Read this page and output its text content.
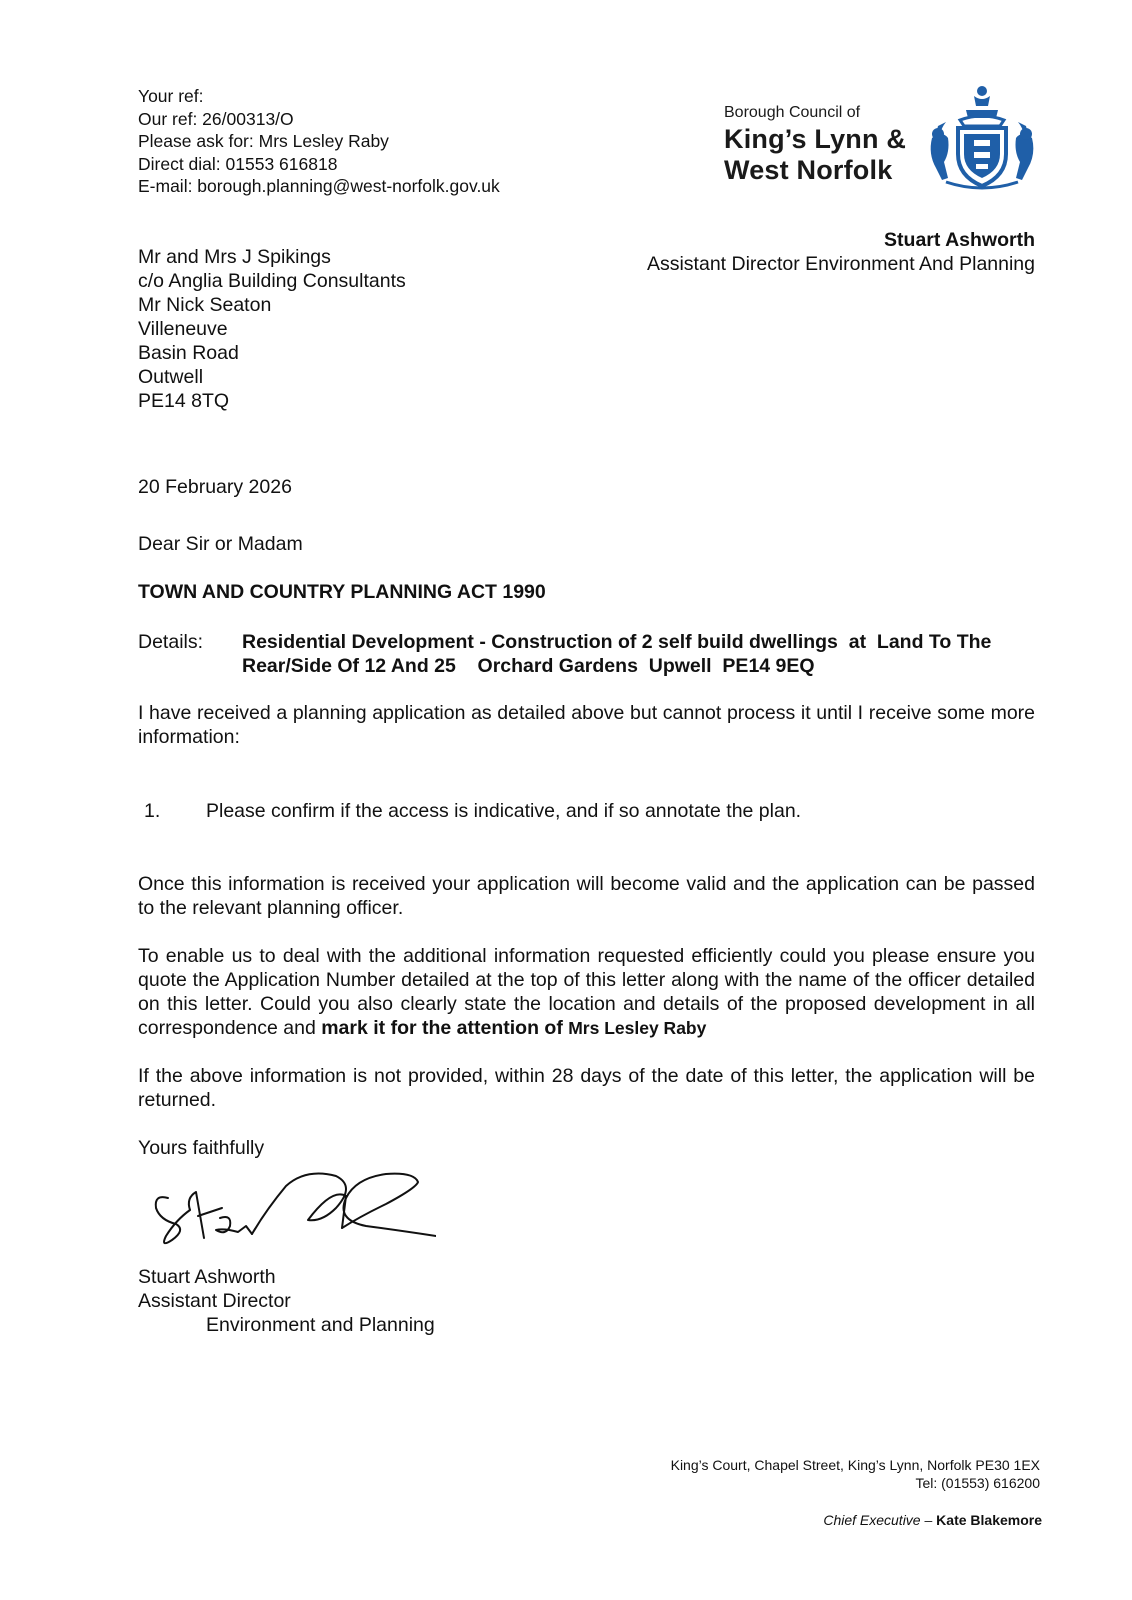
Your ref:
Our ref: 26/00313/O
Please ask for: Mrs Lesley Raby
Direct dial: 01553 616818
E-mail: borough.planning@west-norfolk.gov.uk
Borough Council of
King’s Lynn &
West Norfolk
Stuart Ashworth
Assistant Director Environment And Planning
Mr and Mrs J Spikings
c/o Anglia Building Consultants
Mr Nick Seaton
Villeneuve
Basin Road
Outwell
PE14 8TQ
20 February 2026
Dear Sir or Madam
TOWN AND COUNTRY PLANNING ACT 1990
Details: Residential Development - Construction of 2 self build dwellings  at  Land To The
Rear/Side Of 12 And 25    Orchard Gardens  Upwell  PE14 9EQ
I have received a planning application as detailed above but cannot process it until I receive some more information:
1. Please confirm if the access is indicative, and if so annotate the plan.
Once this information is received your application will become valid and the application can be passed to the relevant planning officer.
To enable us to deal with the additional information requested efficiently could you please ensure you quote the Application Number detailed at the top of this letter along with the name of the officer detailed on this letter. Could you also clearly state the location and details of the proposed development in all correspondence and mark it for the attention of Mrs Lesley Raby
If the above information is not provided, within 28 days of the date of this letter, the application will be returned.
Yours faithfully
Stuart Ashworth
Assistant Director
Environment and Planning
King’s Court, Chapel Street, King’s Lynn, Norfolk PE30 1EX
Tel: (01553) 616200
Chief Executive – Kate Blakemore
